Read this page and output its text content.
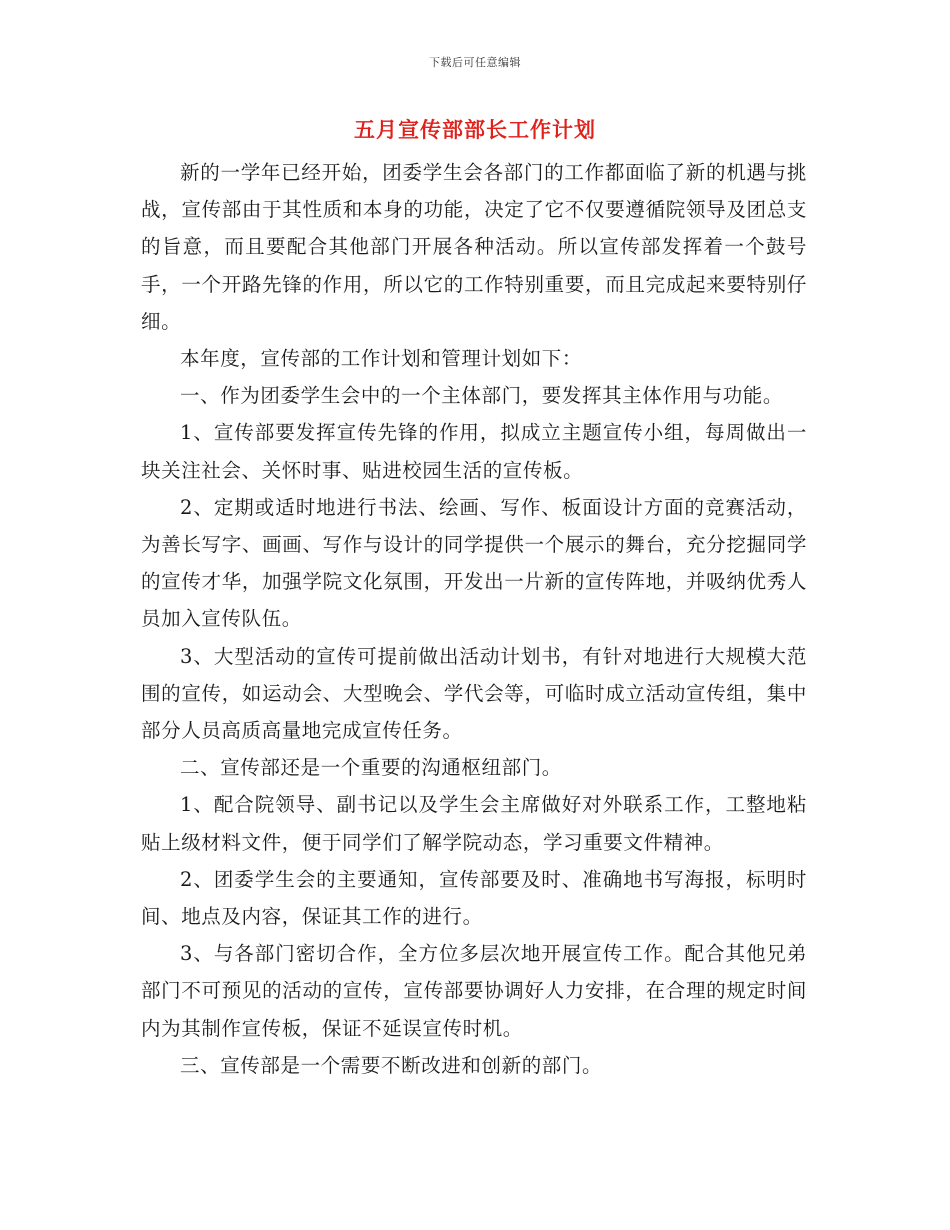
下载后可任意编辑
五月宣传部部长工作计划

新的一学年已经开始，团委学生会各部门的工作都面临了新的机遇与挑战，宣传部由于其性质和本身的功能，决定了它不仅要遵循院领导及团总支的旨意，而且要配合其他部门开展各种活动。所以宣传部发挥着一个鼓号手，一个开路先锋的作用，所以它的工作特别重要，而且完成起来要特别仔细。

本年度，宣传部的工作计划和管理计划如下：

一、作为团委学生会中的一个主体部门，要发挥其主体作用与功能。

1、宣传部要发挥宣传先锋的作用，拟成立主题宣传小组，每周做出一块关注社会、关怀时事、贴进校园生活的宣传板。

2、定期或适时地进行书法、绘画、写作、板面设计方面的竞赛活动，为善长写字、画画、写作与设计的同学提供一个展示的舞台，充分挖掘同学的宣传才华，加强学院文化氛围，开发出一片新的宣传阵地，并吸纳优秀人员加入宣传队伍。

3、大型活动的宣传可提前做出活动计划书，有针对地进行大规模大范围的宣传，如运动会、大型晚会、学代会等，可临时成立活动宣传组，集中部分人员高质高量地完成宣传任务。

二、宣传部还是一个重要的沟通枢纽部门。

1、配合院领导、副书记以及学生会主席做好对外联系工作，工整地粘贴上级材料文件，便于同学们了解学院动态，学习重要文件精神。

2、团委学生会的主要通知，宣传部要及时、准确地书写海报，标明时间、地点及内容，保证其工作的进行。

3、与各部门密切合作，全方位多层次地开展宣传工作。配合其他兄弟部门不可预见的活动的宣传，宣传部要协调好人力安排，在合理的规定时间内为其制作宣传板，保证不延误宣传时机。

三、宣传部是一个需要不断改进和创新的部门。
